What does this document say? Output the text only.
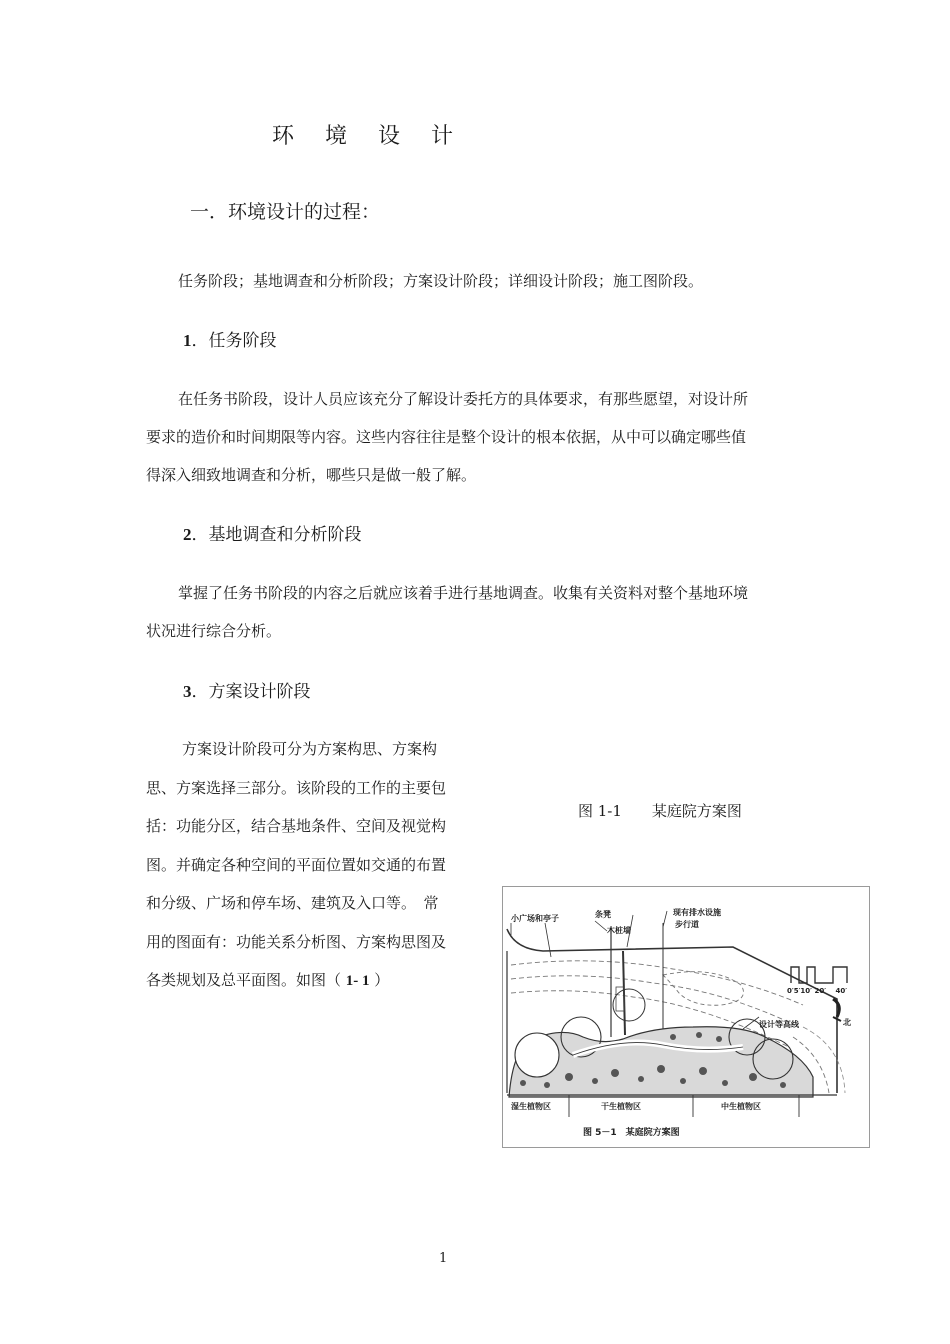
环 境 设 计
一．环境设计的过程：
任务阶段；基地调查和分析阶段；方案设计阶段；详细设计阶段；施工图阶段。
1．任务阶段
在任务书阶段，设计人员应该充分了解设计委托方的具体要求，有那些愿望，对设计所要求的造价和时间期限等内容。这些内容往往是整个设计的根本依据，从中可以确定哪些值得深入细致地调查和分析，哪些只是做一般了解。
2．基地调查和分析阶段
掌握了任务书阶段的内容之后就应该着手进行基地调查。收集有关资料对整个基地环境状况进行综合分析。
3．方案设计阶段
方案设计阶段可分为方案构思、方案构思、方案选择三部分。该阶段的工作的主要包括：功能分区，结合基地条件、空间及视觉构图。并确定各种空间的平面位置如交通的布置和分级、广场和停车场、建筑及入口等。　常用的图面有：功能关系分析图、方案构思图及各类规划及总平面图。如图（ 1- 1 ）
图 1-1　　某庭院方案图
小广场和亭子	条凳
木桩墙
现有排水设施
步行道
设计等高线
0′5′10′ 20′　 40′
北
湿生植物区	干生植物区	中生植物区
图 5－1　某庭院方案图
1
